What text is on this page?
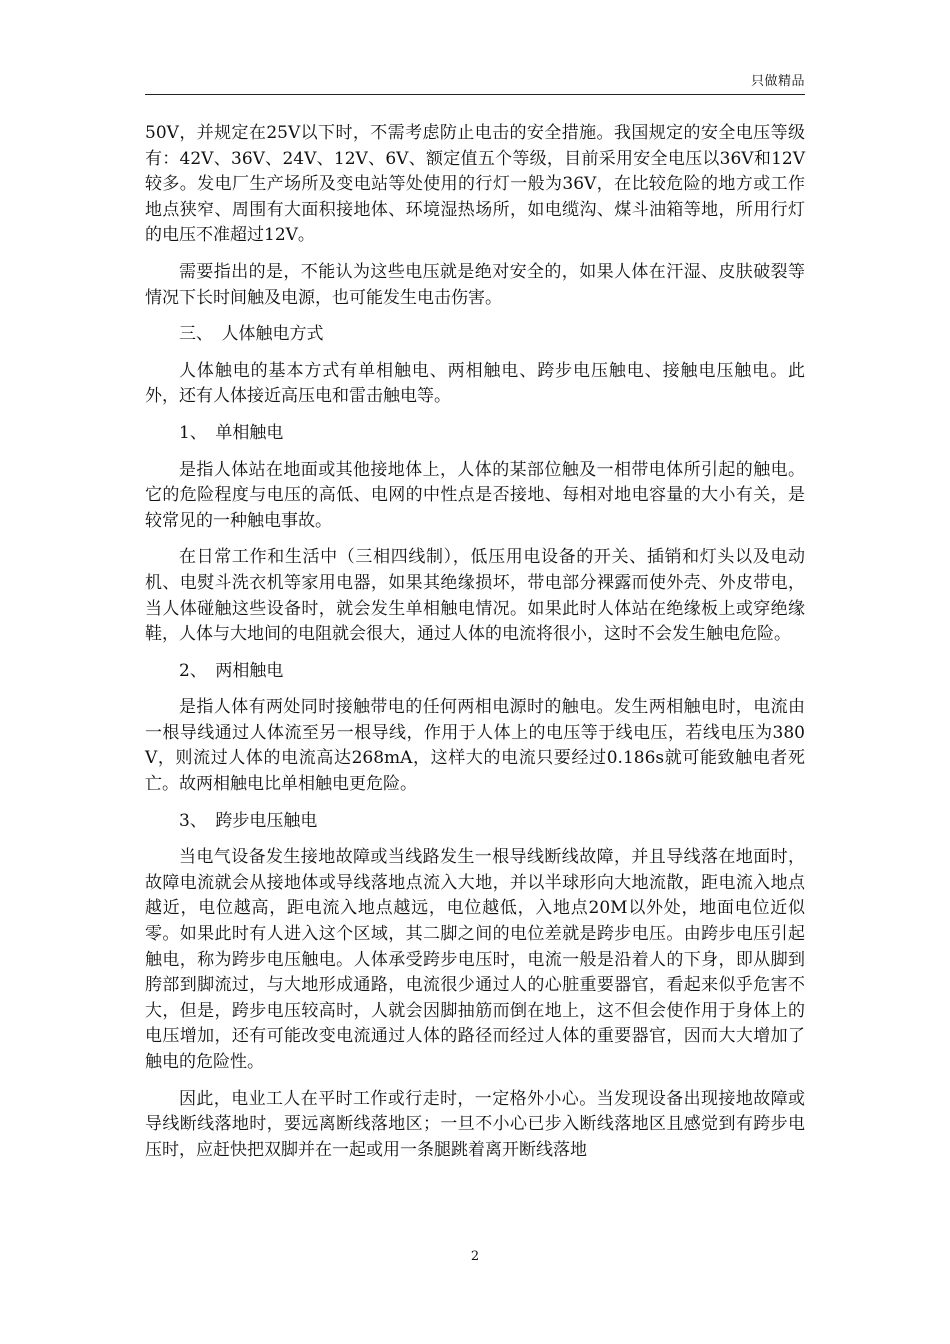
只做精品

50V，并规定在25V以下时，不需考虑防止电击的安全措施。我国规定的安全电压等级有：42V、36V、24V、12V、6V、额定值五个等级，目前采用安全电压以36V和12V较多。发电厂生产场所及变电站等处使用的行灯一般为36V，在比较危险的地方或工作地点狭窄、周围有大面积接地体、环境湿热场所，如电缆沟、煤斗油箱等地，所用行灯的电压不准超过12V。

需要指出的是，不能认为这些电压就是绝对安全的，如果人体在汗湿、皮肤破裂等情况下长时间触及电源，也可能发生电击伤害。

三、　人体触电方式

人体触电的基本方式有单相触电、两相触电、跨步电压触电、接触电压触电。此外，还有人体接近高压电和雷击触电等。

1、　单相触电

是指人体站在地面或其他接地体上，人体的某部位触及一相带电体所引起的触电。它的危险程度与电压的高低、电网的中性点是否接地、每相对地电容量的大小有关，是较常见的一种触电事故。

在日常工作和生活中（三相四线制），低压用电设备的开关、插销和灯头以及电动机、电熨斗洗衣机等家用电器，如果其绝缘损坏，带电部分裸露而使外壳、外皮带电，当人体碰触这些设备时，就会发生单相触电情况。如果此时人体站在绝缘板上或穿绝缘鞋，人体与大地间的电阻就会很大，通过人体的电流将很小，这时不会发生触电危险。

2、　两相触电

是指人体有两处同时接触带电的任何两相电源时的触电。发生两相触电时，电流由一根导线通过人体流至另一根导线，作用于人体上的电压等于线电压，若线电压为380V，则流过人体的电流高达268mA，这样大的电流只要经过0.186s就可能致触电者死亡。故两相触电比单相触电更危险。

3、　跨步电压触电

当电气设备发生接地故障或当线路发生一根导线断线故障，并且导线落在地面时，故障电流就会从接地体或导线落地点流入大地，并以半球形向大地流散，距电流入地点越近，电位越高，距电流入地点越远，电位越低，入地点20M以外处，地面电位近似零。如果此时有人进入这个区域，其二脚之间的电位差就是跨步电压。由跨步电压引起触电，称为跨步电压触电。人体承受跨步电压时，电流一般是沿着人的下身，即从脚到胯部到脚流过，与大地形成通路，电流很少通过人的心脏重要器官，看起来似乎危害不大，但是，跨步电压较高时，人就会因脚抽筋而倒在地上，这不但会使作用于身体上的电压增加，还有可能改变电流通过人体的路径而经过人体的重要器官，因而大大增加了触电的危险性。

因此，电业工人在平时工作或行走时，一定格外小心。当发现设备出现接地故障或导线断线落地时，要远离断线落地区；一旦不小心已步入断线落地区且感觉到有跨步电压时，应赶快把双脚并在一起或用一条腿跳着离开断线落地

2
